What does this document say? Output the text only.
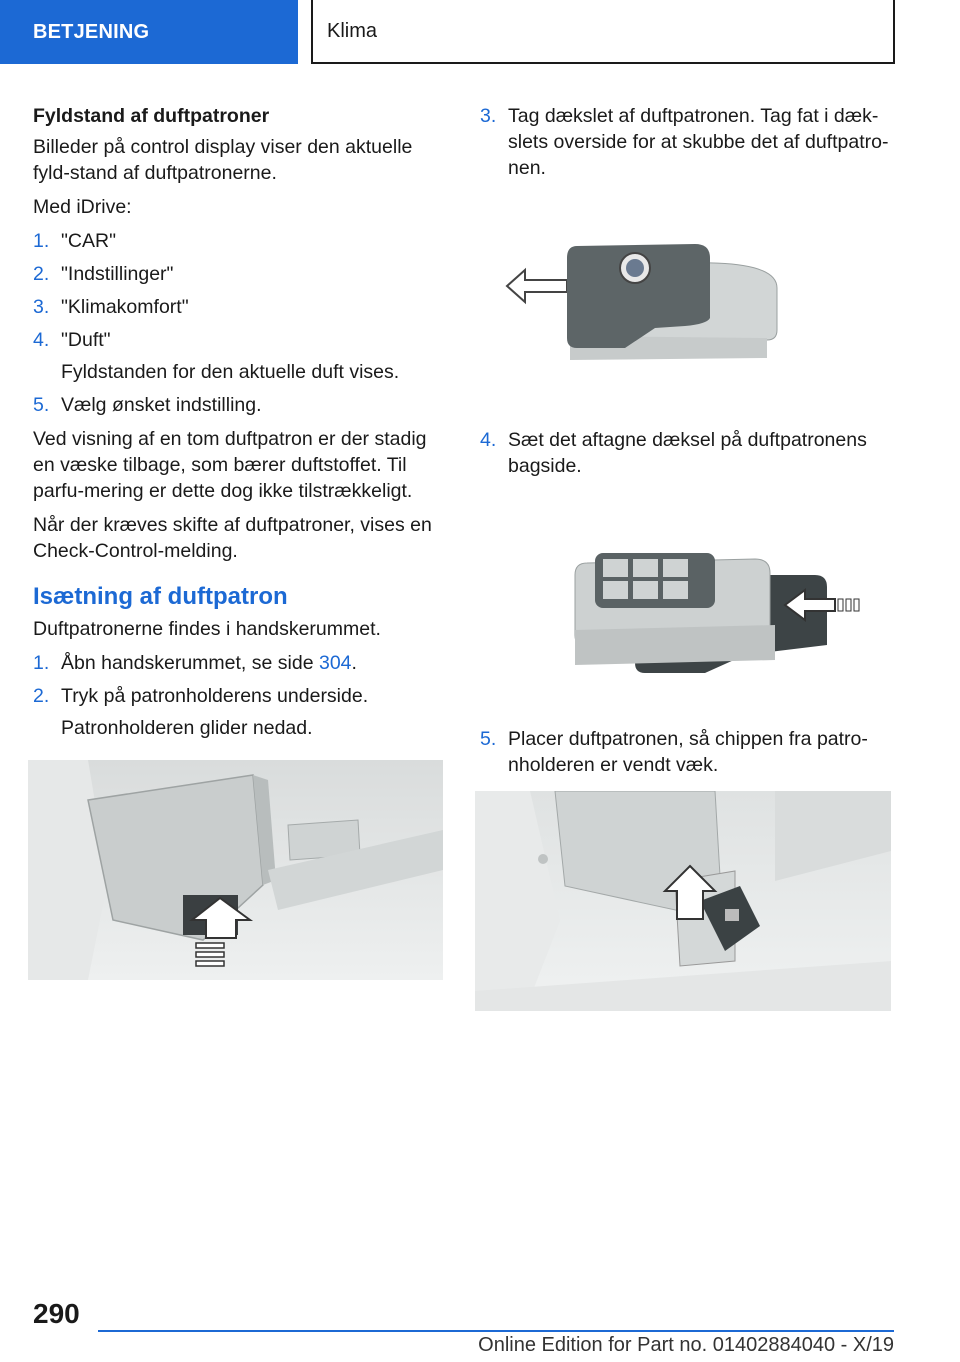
BETJENING	Klima
Fyldstand af duftpatroner

Billeder på control display viser den aktuelle fyld‐stand af duftpatronerne.

Med iDrive:

1. "CAR"
2. "Indstillinger"
3. "Klimakomfort"
4. "Duft"
Fyldstanden for den aktuelle duft vises.
5. Vælg ønsket indstilling.

Ved visning af en tom duftpatron er der stadig en væske tilbage, som bærer duftstoffet. Til parfu‐mering er dette dog ikke tilstrækkeligt.

Når der kræves skifte af duftpatroner, vises en Check-Control-melding.

Isætning af duftpatron

Duftpatronerne findes i handskerummet.

1. Åbn handskerummet, se side 304.
2. Tryk på patronholderens underside.
Patronholderen glider nedad.
3. Tag dækslet af duftpatronen. Tag fat i dæk‐slets overside for at skubbe det af duftpatro‐nen.
4. Sæt det aftagne dæksel på duftpatronens bagside.
5. Placer duftpatronen, så chippen fra patro‐nholderen er vendt væk.
290
Online Edition for Part no. 01402884040 - X/19
